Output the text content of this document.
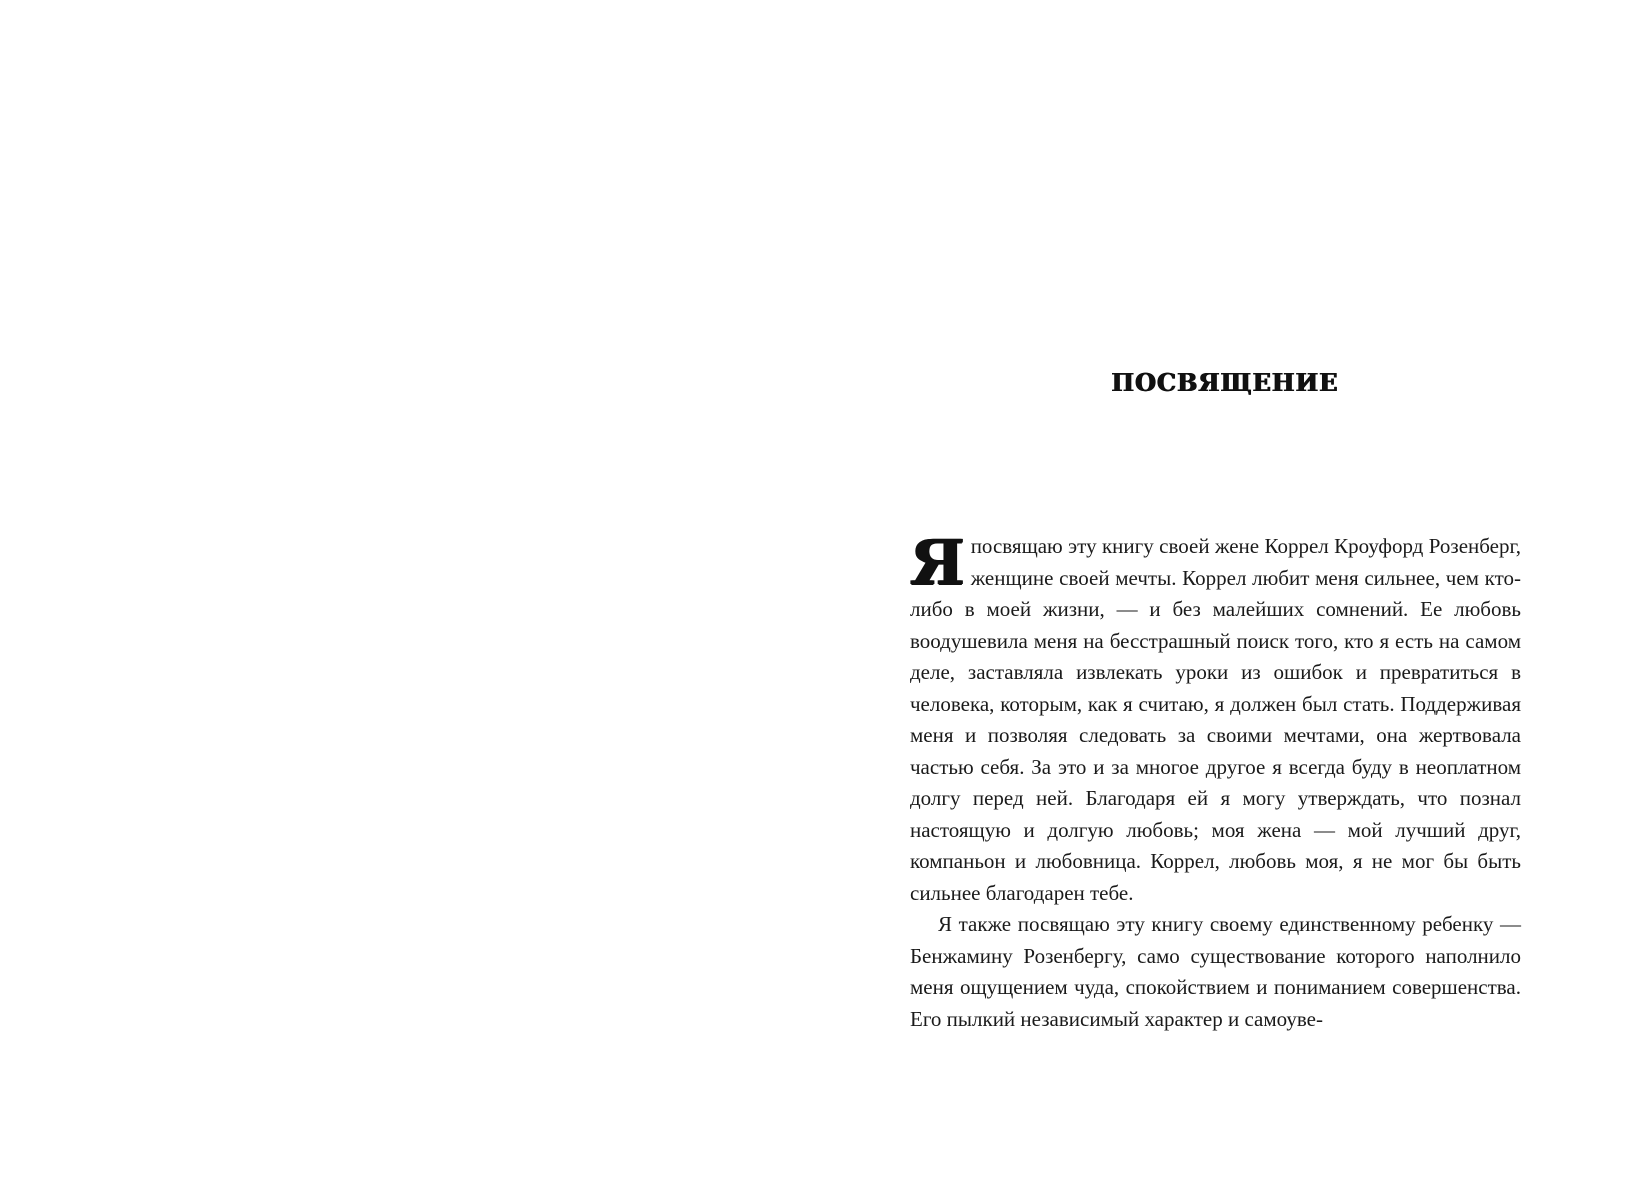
ПОСВЯЩЕНИЕ

Я посвящаю эту книгу своей жене Коррел Кроуфорд Розенберг, женщине своей мечты. Коррел любит меня сильнее, чем кто-либо в моей жизни, — и без малейших сомнений. Ее любовь воодушевила меня на бесстрашный поиск того, кто я есть на самом деле, заставляла извлекать уроки из ошибок и превратиться в человека, которым, как я считаю, я должен был стать. Поддерживая меня и позволяя следовать за своими мечтами, она жертвовала частью себя. За это и за многое другое я всегда буду в неоплатном долгу перед ней. Благодаря ей я могу утверждать, что познал настоящую и долгую любовь; моя жена — мой лучший друг, компаньон и любовница. Коррел, любовь моя, я не мог бы быть сильнее благодарен тебе.

Я также посвящаю эту книгу своему единственному ребенку — Бенжамину Розенбергу, само существование которого наполнило меня ощущением чуда, спокойствием и пониманием совершенства. Его пылкий независимый характер и самоуве-
